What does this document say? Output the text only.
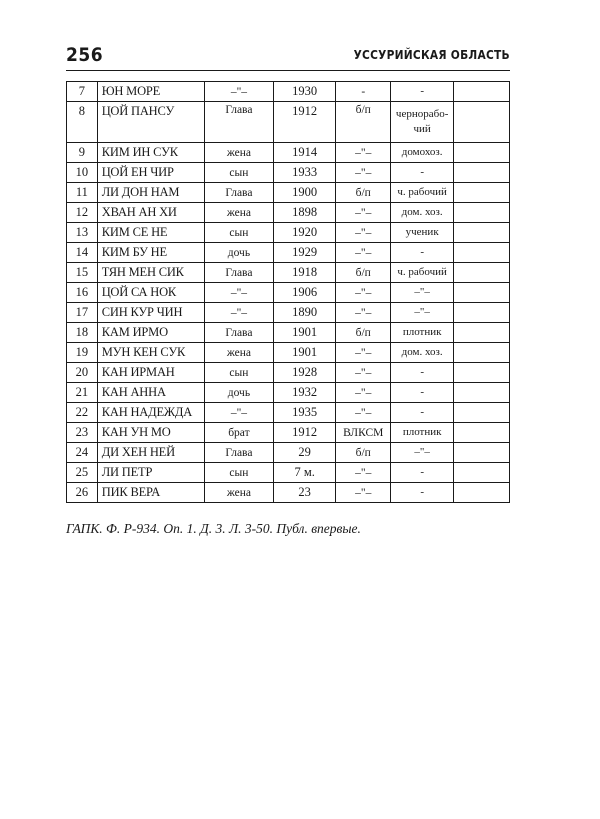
256	УССУРИЙСКАЯ ОБЛАСТЬ
7	ЮН МОРЕ	–"–	1930	-	-	
8	ЦОЙ ПАНСУ	Глава	1912	б/п	чернорабо-чий	
9	КИМ ИН СУК	жена	1914	–"–	домохоз.	
10	ЦОЙ ЕН ЧИР	сын	1933	–"–	-	
11	ЛИ ДОН НАМ	Глава	1900	б/п	ч. рабочий	
12	ХВАН АН ХИ	жена	1898	–"–	дом. хоз.	
13	КИМ СЕ НЕ	сын	1920	–"–	ученик	
14	КИМ БУ НЕ	дочь	1929	–"–	-	
15	ТЯН МЕН СИК	Глава	1918	б/п	ч. рабочий	
16	ЦОЙ СА НОК	–"–	1906	–"–	–"–	
17	СИН КУР ЧИН	–"–	1890	–"–	–"–	
18	КАМ ИРМО	Глава	1901	б/п	плотник	
19	МУН КЕН СУК	жена	1901	–"–	дом. хоз.	
20	КАН ИРМАН	сын	1928	–"–	-	
21	КАН АННА	дочь	1932	–"–	-	
22	КАН НАДЕЖДА	–"–	1935	–"–	-	
23	КАН УН МО	брат	1912	ВЛКСМ	плотник	
24	ДИ ХЕН НЕЙ	Глава	29	б/п	–"–	
25	ЛИ ПЕТР	сын	7 м.	–"–	-	
26	ПИК ВЕРА	жена	23	–"–	-	
ГАПК. Ф. Р-934. Оп. 1. Д. 3. Л. 3-50. Публ. впервые.
